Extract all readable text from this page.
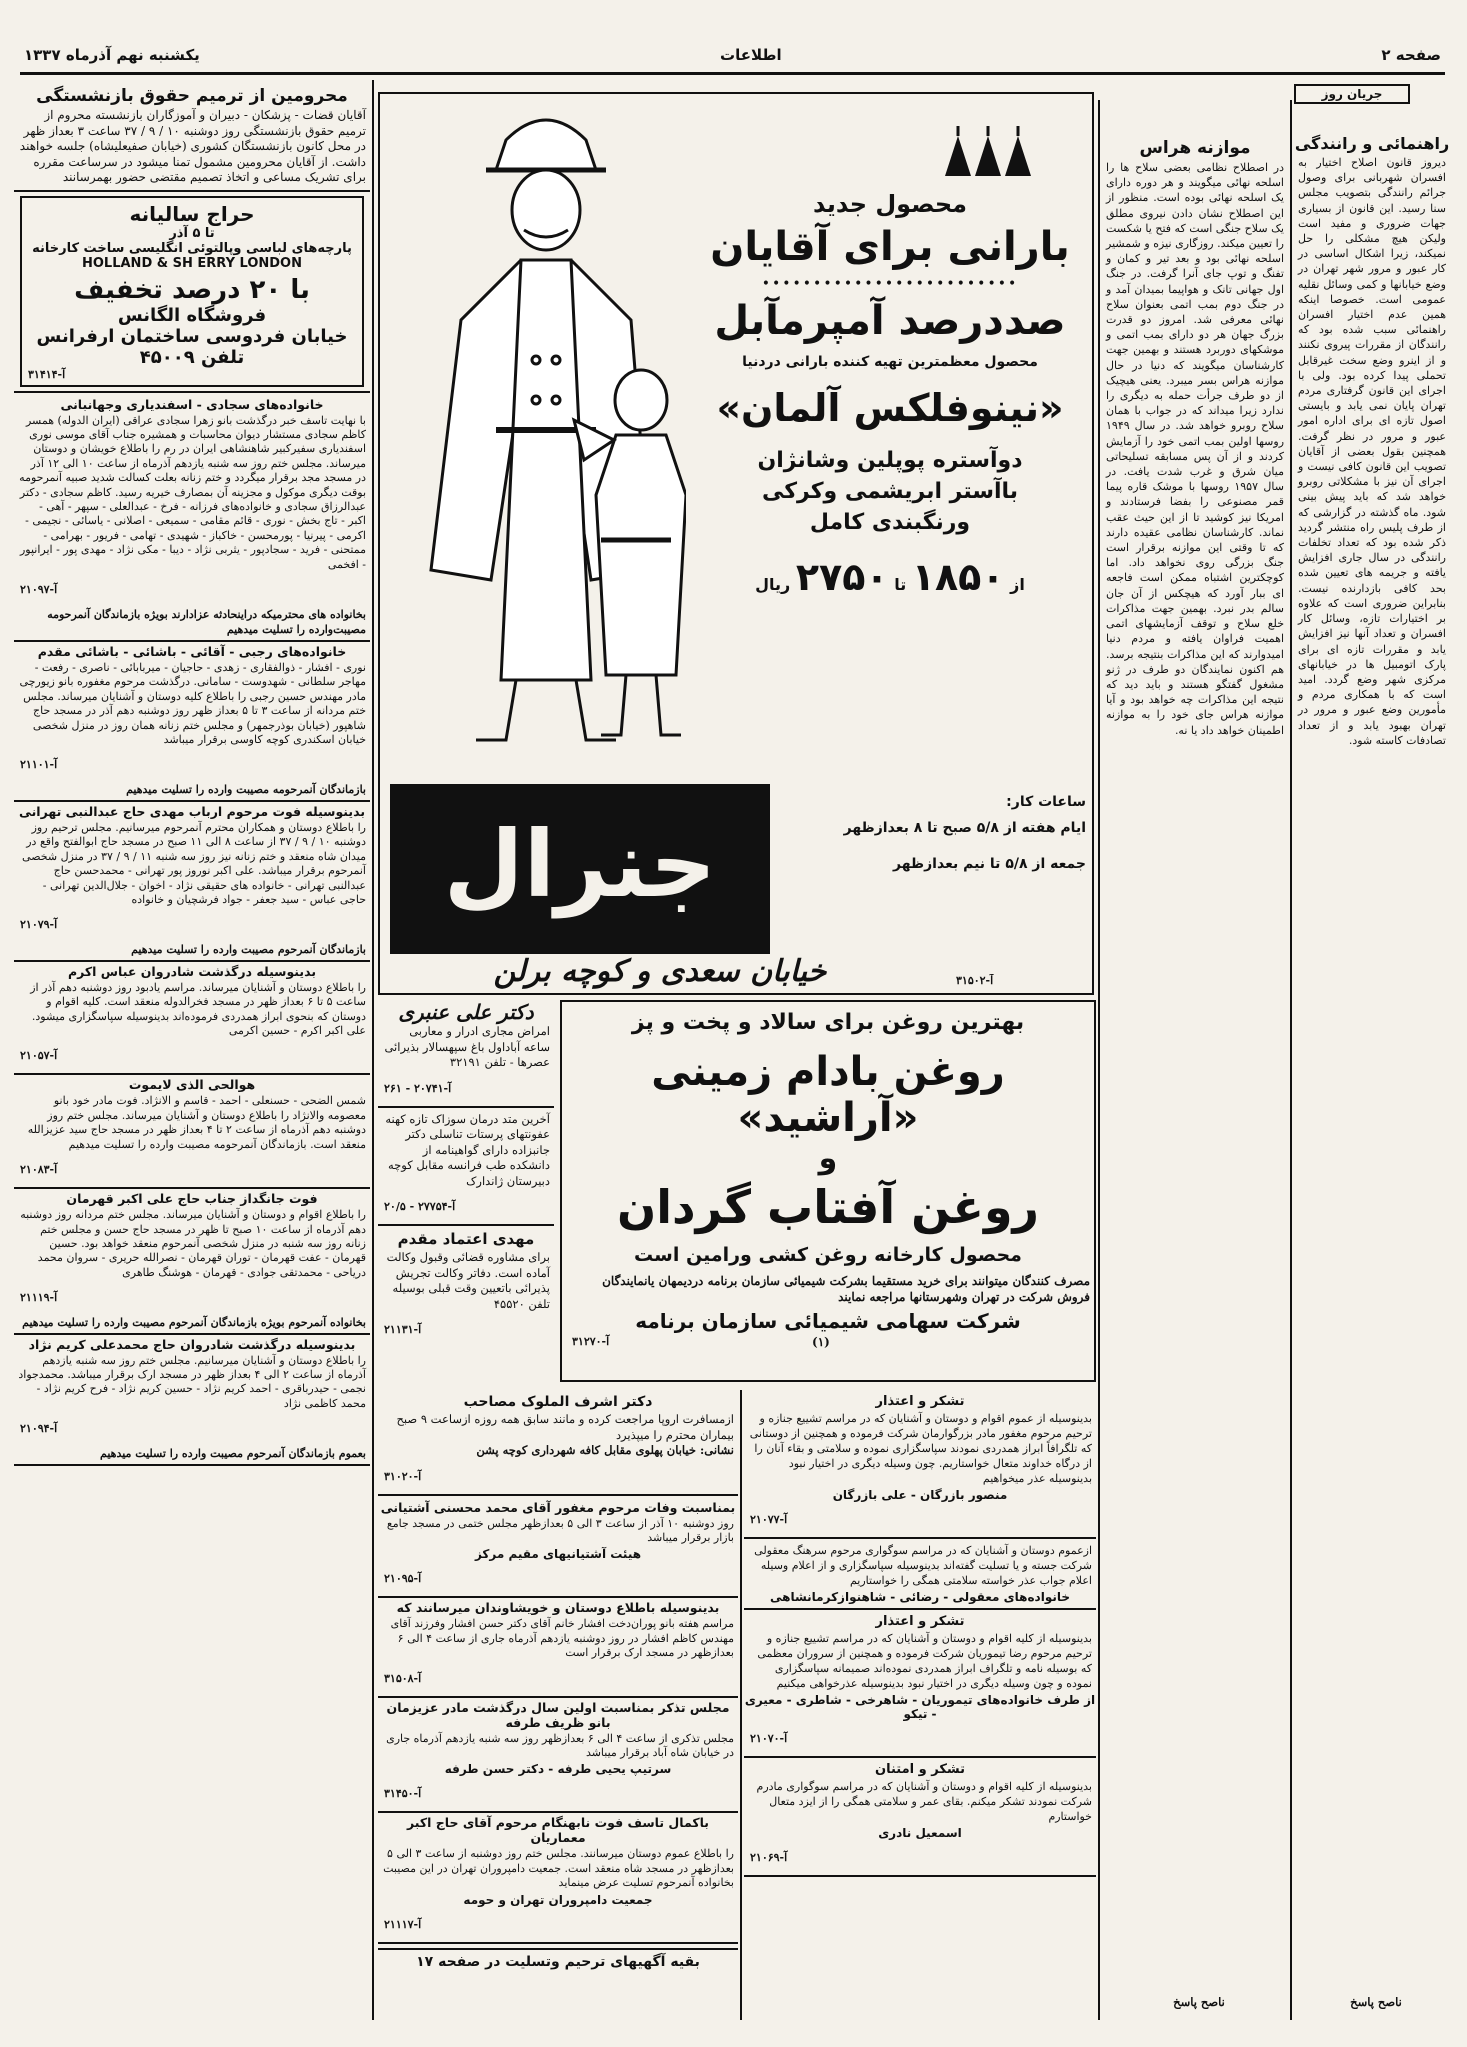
صفحه ۲
اطلاعات
یکشنبه نهم آذرماه ۱۳۳۷
جریان روز
راهنمائی و رانندگی

دیروز قانون اصلاح اختیار به افسران شهربانی برای وصول جرائم رانندگی بتصویب مجلس سنا رسید. این قانون از بسیاری جهات ضروری و مفید است ولیکن هیچ مشکلی را حل نمیکند، زیرا اشکال اساسی در کار عبور و مرور شهر تهران در وضع خیابانها و کمی وسائل نقلیه عمومی است. خصوصا اینکه همین عدم اختیار افسران راهنمائی سبب شده بود که رانندگان از مقررات پیروی نکنند و از اینرو وضع سخت غیرقابل تحملی پیدا کرده بود. ولی با اجرای این قانون گرفتاری مردم تهران پایان نمی یابد و بایستی اصول تازه ای برای اداره امور عبور و مرور در نظر گرفت. همچنین بقول بعضی از آقایان تصویب این قانون کافی نیست و اجرای آن نیز با مشکلاتی روبرو خواهد شد که باید پیش بینی شود. ماه گذشته در گزارشی که از طرف پلیس راه منتشر گردید ذکر شده بود که تعداد تخلفات رانندگی در سال جاری افزایش یافته و جریمه های تعیین شده بحد کافی بازدارنده نیست. بنابراین ضروری است که علاوه بر اختیارات تازه، وسائل کار افسران و تعداد آنها نیز افزایش یابد و مقررات تازه ای برای پارک اتومبیل ها در خیابانهای مرکزی شهر وضع گردد. امید است که با همکاری مردم و مأمورین وضع عبور و مرور در تهران بهبود یابد و از تعداد تصادفات کاسته شود.

ناصح پاسخ

موازنه هراس

در اصطلاح نظامی بعضی سلاح ها را اسلحه نهائی میگویند و هر دوره دارای یک اسلحه نهائی بوده است. منظور از این اصطلاح نشان دادن نیروی مطلق یک سلاح جنگی است که فتح یا شکست را تعیین میکند. روزگاری نیزه و شمشیر اسلحه نهائی بود و بعد تیر و کمان و تفنگ و توپ جای آنرا گرفت. در جنگ اول جهانی تانک و هواپیما بمیدان آمد و در جنگ دوم بمب اتمی بعنوان سلاح نهائی معرفی شد. امروز دو قدرت بزرگ جهان هر دو دارای بمب اتمی و موشکهای دوربرد هستند و بهمین جهت کارشناسان میگویند که دنیا در حال موازنه هراس بسر میبرد. یعنی هیچیک از دو طرف جرأت حمله به دیگری را ندارد زیرا میداند که در جواب با همان سلاح روبرو خواهد شد. در سال ۱۹۴۹ روسها اولین بمب اتمی خود را آزمایش کردند و از آن پس مسابقه تسلیحاتی میان شرق و غرب شدت یافت. در سال ۱۹۵۷ روسها با موشک قاره پیما قمر مصنوعی را بفضا فرستادند و امریکا نیز کوشید تا از این حیث عقب نماند. کارشناسان نظامی عقیده دارند که تا وقتی این موازنه برقرار است جنگ بزرگی روی نخواهد داد. اما کوچکترین اشتباه ممکن است فاجعه ای ببار آورد که هیچکس از آن جان سالم بدر نبرد. بهمین جهت مذاکرات خلع سلاح و توقف آزمایشهای اتمی اهمیت فراوان یافته و مردم دنیا امیدوارند که این مذاکرات بنتیجه برسد. هم اکنون نمایندگان دو طرف در ژنو مشغول گفتگو هستند و باید دید که نتیجه این مذاکرات چه خواهد بود و آیا موازنه هراس جای خود را به موازنه اطمینان خواهد داد یا نه.

ناصح پاسخ

محصول جدید
بارانی برای آقایان
•••••••••••••••••••••••••
صددرصد آمپرمآبل
محصول معظمترین تهیه کننده بارانی دردنیا
«نینوفلکس آلمان»
دوآستره پوپلین وشانژان
باآستر ابریشمی وکرکی
ورنگبندی کامل
از ۱۸۵۰ تا ۲۷۵۰ ریال
جنرال
ساعات کار:
ایام هفته از ۵/۸ صبح تا ۸ بعدازظهر
جمعه از ۵/۸ تا نیم بعدازظهر
خیابان سعدی و کوچه برلن	آ-۳۱۵۰۲
دکتر علی عنبری

امراض مجاری ادرار و معاربی ساعه آباداول باغ سپهسالار بذیرائی عصرها - تلفن ۳۲۱۹۱

آ-۲۰۷۴۱ - ۲۶۱

آخرین متد درمان سوزاک تازه کهنه عفونتهای پرستات تناسلی دکتر جانبزاده دارای گواهینامه از دانشکده طب فرانسه مقابل کوچه دبیرستان ژاندارک

آ-۲۷۷۵۴ - ۲۰/۵

مهدی اعتماد مقدم

برای مشاوره قضائی وقبول وکالت آماده است. دفاتر وکالت تجریش پذیرائی باتعیین وقت قبلی بوسیله تلفن ۴۵۵۲۰

آ-۲۱۱۳۱

بهترین روغن برای سالاد و پخت و پز
روغن بادام زمینی «آراشید»
و
روغن آفتاب گردان
محصول کارخانه روغن کشی ورامین است

مصرف کنندگان میتوانند برای خرید مستقیما بشرکت شیمیائی سازمان برنامه دردیمهان یانمایندگان فروش شرکت در تهران وشهرستانها مراجعه نمایند

شرکت سهامی شیمیائی سازمان برنامه
آ-۳۱۲۷۰	(۱)
دکتر اشرف الملوک مصاحب

ازمسافرت اروپا مراجعت کرده و مانند سابق همه روزه ازساعت ۹ صبح بیماران محترم را میپذیرد

نشانی: خیابان پهلوی مقابل کافه شهرداری کوچه پشن

آ-۳۱۰۲۰

بمناسبت وفات مرحوم مغفور آقای محمد محسنی آشتیانی

روز دوشنبه ۱۰ آذر از ساعت ۳ الی ۵ بعدازظهر مجلس ختمی در مسجد جامع بازار برقرار میباشد

هیئت آشتیانیهای مقیم مرکز

آ-۲۱۰۹۵

بدینوسیله باطلاع دوستان و خویشاوندان میرسانند که

مراسم هفته بانو پوران‌دخت افشار خانم آقای دکتر حسن افشار وفرزند آقای مهندس کاظم افشار در روز دوشنبه یازدهم آذرماه جاری از ساعت ۴ الی ۶ بعدازظهر در مسجد ارک برقرار است

آ-۳۱۵۰۸

مجلس تذکر بمناسبت اولین سال درگذشت مادر عزیزمان بانو ظریف طرفه

مجلس تذکری از ساعت ۴ الی ۶ بعدازظهر روز سه شنبه یازدهم آذرماه جاری در خیابان شاه آباد برقرار میباشد

سرتیپ یحیی طرفه - دکتر حسن طرفه

آ-۳۱۴۵۰

باکمال تاسف فوت نابهنگام مرحوم آقای حاج اکبر معماریان

را باطلاع عموم دوستان میرسانند. مجلس ختم روز دوشنبه از ساعت ۳ الی ۵ بعدازظهر در مسجد شاه منعقد است. جمعیت دامپروران تهران در این مصیبت بخانواده آنمرحوم تسلیت عرض مینماید

جمعیت دامپروران تهران و حومه

آ-۲۱۱۱۷

بقیه آگهیهای ترحیم وتسلیت در صفحه ۱۷
تشکر و اعتذار

بدینوسیله از عموم اقوام و دوستان و آشنایان که در مراسم تشییع جنازه و ترحیم مرحوم مغفور مادر بزرگوارمان شرکت فرموده و همچنین از دوستانی که تلگرافاً ابراز همدردی نمودند سپاسگزاری نموده و سلامتی و بقاء آنان را از درگاه خداوند متعال خواستاریم. چون وسیله دیگری در اختیار نبود بدینوسیله عذر میخواهیم

منصور بازرگان - علی بازرگان

آ-۲۱۰۷۷

ازعموم دوستان و آشنایان که در مراسم سوگواری مرحوم سرهنگ معقولی شرکت جسته و یا تسلیت گفته‌اند بدینوسیله سپاسگزاری و از اعلام وسیله اعلام جواب عذر خواسته سلامتی همگی را خواستاریم

خانواده‌های معقولی - رضائی - شاهنوازکرمانشاهی
تشکر و اعتذار

بدینوسیله از کلیه اقوام و دوستان و آشنایان که در مراسم تشییع جنازه و ترحیم مرحوم رضا تیموریان شرکت فرموده و همچنین از سروران معظمی که بوسیله نامه و تلگراف ابراز همدردی نموده‌اند صمیمانه سپاسگزاری نموده و چون وسیله دیگری در اختیار نبود بدینوسیله عذرخواهی میکنیم

از طرف خانواده‌های تیموریان - شاهرخی - شاطری - معیری - تیکو

آ-۲۱۰۷۰

تشکر و امتنان

بدینوسیله از کلیه اقوام و دوستان و آشنایان که در مراسم سوگواری مادرم شرکت نمودند تشکر میکنم. بقای عمر و سلامتی همگی را از ایزد متعال خواستارم

اسمعیل نادری

آ-۲۱۰۶۹

محرومین از ترمیم حقوق بازنشستگی

آقایان قضات - پزشکان - دبیران و آموزگاران بازنشسته محروم از ترمیم حقوق بازنشستگی روز دوشنبه ۱۰ / ۹ / ۳۷ ساعت ۳ بعداز ظهر در محل کانون بازنشستگان کشوری (خیابان صفیعلیشاه) جلسه خواهند داشت. از آقایان محرومین مشمول تمنا میشود در سرساعت مقرره برای تشریک مساعی و اتخاذ تصمیم مقتضی حضور بهمرسانند

حراج سالیانه
تا ۵ آذر
پارچه‌های لباسی وپالتوئی انگلیسی ساخت کارخانه
HOLLAND & SH ERRY LONDON
با ۲۰ درصد تخفیف
فروشگاه الگانس
خیابان فردوسی ساختمان ارفرانس
تلفن ۴۵۰۰۹
آ-۳۱۴۱۴
خانواده‌های سجادی - اسفندیاری وجهانبانی

با نهایت تاسف خبر درگذشت بانو زهرا سجادی عراقی (ایران الدوله) همسر کاظم سجادی مستشار دیوان محاسبات و همشیره جناب آقای موسی نوری اسفندیاری سفیرکبیر شاهنشاهی ایران در رم را باطلاع خویشان و دوستان میرساند. مجلس ختم روز سه شنبه یازدهم آذرماه از ساعت ۱۰ الی ۱۲ آذر در مسجد مجد برقرار میگردد و ختم زنانه بعلت کسالت شدید صبیه آنمرحومه بوقت دیگری موکول و مجزینه آن بمصارف خیریه رسید. کاظم سجادی - دکتر عبدالرزاق سجادی و خانواده‌های فرزانه - فرخ - عبدالعلی - سپهر - آهی - اکبر - تاج بخش - نوری - قائم مقامی - سمیعی - اصلانی - یاسائی - نجیمی - اکرمی - پیرنیا - پورمحسن - خاکباز - شهیدی - تهامی - فریور - بهرامی - ممتحنی - فرید - سجادپور - یثربی نژاد - دیبا - مکی نژاد - مهدی پور - ایرانپور - افخمی

آ-۲۱۰۹۷

بخانواده های محترمیکه دراینحادثه عزادارند بویژه بازماندگان آنمرحومه مصیبت‌وارده را تسلیت میدهیم

خانواده‌های رجبی - آقائی - باشائی - باشائی مقدم

نوری - افشار - ذوالفقاری - زهدی - حاجیان - میربابائی - ناصری - رفعت - مهاجر سلطانی - شهدوست - سامانی. درگذشت مرحوم مغفوره بانو زیورچی مادر مهندس حسین رجبی را باطلاع کلیه دوستان و آشنایان میرساند. مجلس ختم مردانه از ساعت ۳ تا ۵ بعداز ظهر روز دوشنبه دهم آذر در مسجد حاج شاهپور (خیابان بوذرجمهر) و مجلس ختم زنانه همان روز در منزل شخصی خیابان اسکندری کوچه کاوسی برقرار میباشد

آ-۲۱۱۰۱

بازماندگان آنمرحومه مصیبت وارده را تسلیت میدهیم

بدینوسیله فوت مرحوم ارباب مهدی حاج عبدالنبی تهرانی

را باطلاع دوستان و همکاران محترم آنمرحوم میرسانیم. مجلس ترحیم روز دوشنبه ۱۰ / ۹ / ۳۷ از ساعت ۸ الی ۱۱ صبح در مسجد حاج ابوالفتح واقع در میدان شاه منعقد و ختم زنانه نیز روز سه شنبه ۱۱ / ۹ / ۳۷ در منزل شخصی آنمرحوم برقرار میباشد. علی اکبر نوروز پور تهرانی - محمدحسن حاج عبدالنبی تهرانی - خانواده های حقیقی نژاد - اخوان - جلال‌الدین تهرانی - حاجی عباس - سید جعفر - جواد فرشچیان و خانواده

آ-۲۱۰۷۹

بازماندگان آنمرحوم مصیبت وارده را تسلیت میدهیم

بدینوسیله درگذشت شادروان عباس اکرم

را باطلاع دوستان و آشنایان میرساند. مراسم یادبود روز دوشنبه دهم آذر از ساعت ۵ تا ۶ بعداز ظهر در مسجد فخرالدوله منعقد است. کلیه اقوام و دوستان که بنحوی ابراز همدردی فرموده‌اند بدینوسیله سپاسگزاری میشود. علی اکبر اکرم - حسین اکرمی

آ-۲۱۰۵۷

هوالحی الذی لایموت

شمس الضحی - حسنعلی - احمد - قاسم و الانژاد. فوت مادر خود بانو معصومه والانژاد را باطلاع دوستان و آشنایان میرساند. مجلس ختم روز دوشنبه دهم آذرماه از ساعت ۲ تا ۴ بعداز ظهر در مسجد حاج سید عزیزالله منعقد است. بازماندگان آنمرحومه مصیبت وارده را تسلیت میدهیم

آ-۲۱۰۸۳

فوت جانگداز جناب حاج علی اکبر قهرمان

را باطلاع اقوام و دوستان و آشنایان میرساند. مجلس ختم مردانه روز دوشنبه دهم آذرماه از ساعت ۱۰ صبح تا ظهر در مسجد حاج حسن و مجلس ختم زنانه روز سه شنبه در منزل شخصی آنمرحوم منعقد خواهد بود. حسین قهرمان - عفت قهرمان - توران قهرمان - نصرالله حریری - سروان محمد دریاحی - محمدتقی جوادی - قهرمان - هوشنگ طاهری

آ-۲۱۱۱۹

بخانواده آنمرحوم بویژه بازماندگان آنمرحوم مصیبت وارده را تسلیت میدهیم

بدینوسیله درگذشت شادروان حاج محمدعلی کریم نژاد

را باطلاع دوستان و آشنایان میرسانیم. مجلس ختم روز سه شنبه یازدهم آذرماه از ساعت ۲ الی ۴ بعداز ظهر در مسجد ارک برقرار میباشد. محمدجواد نجمی - حیدرباقری - احمد کریم نژاد - حسین کریم نژاد - فرح کریم نژاد - محمد کاظمی نژاد

آ-۲۱۰۹۴

بعموم بازماندگان آنمرحوم مصیبت وارده را تسلیت میدهیم
